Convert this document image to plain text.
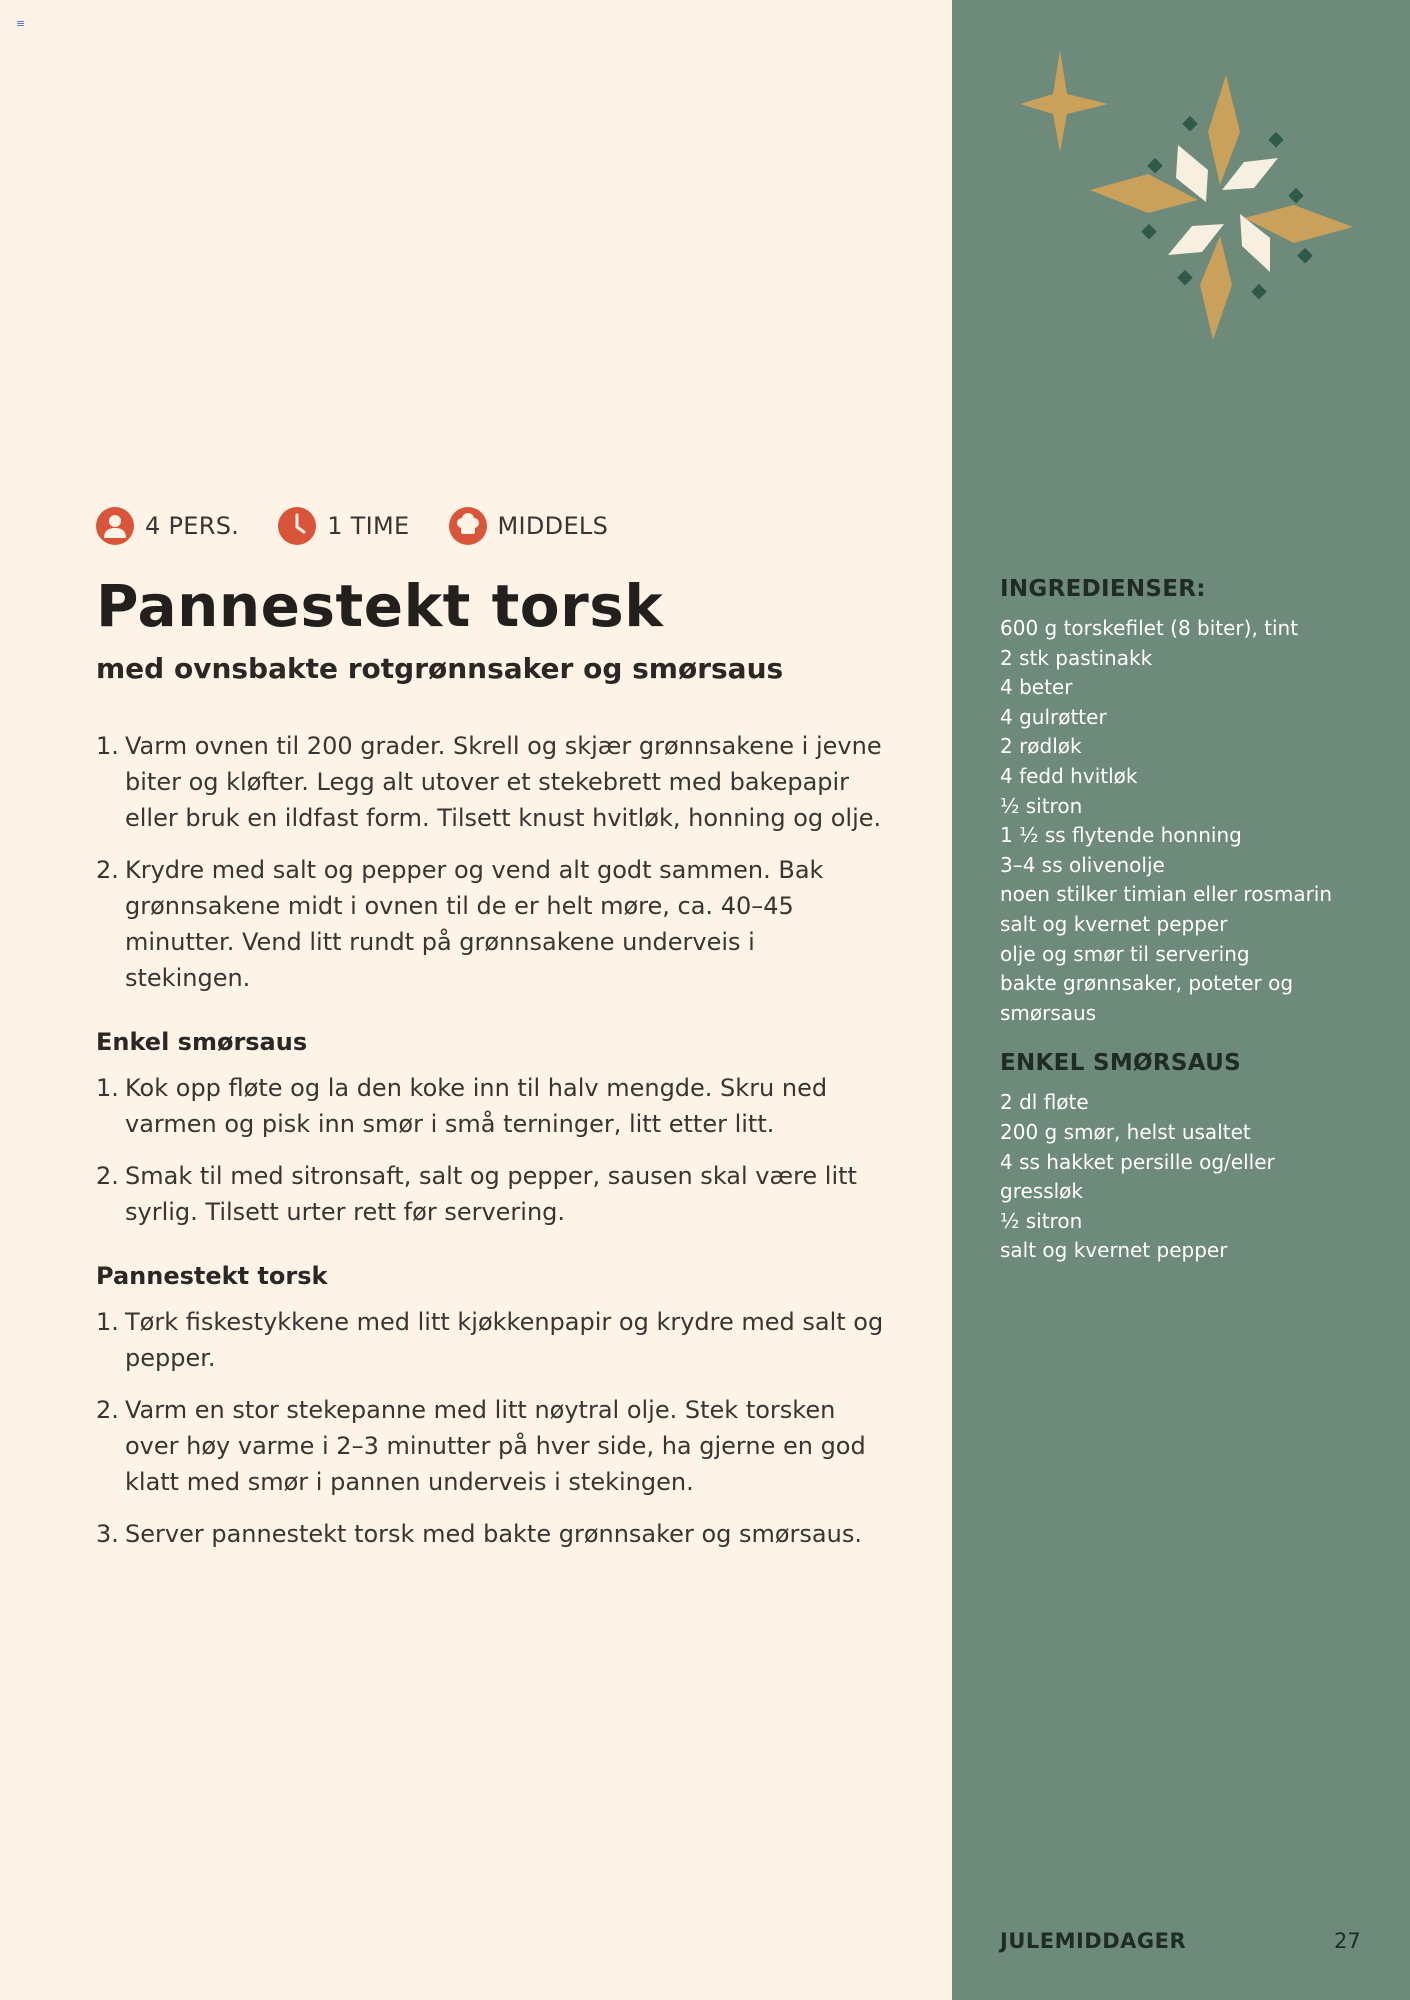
≡
4 PERS.	1 TIME	MIDDELS
Pannestekt torsk
med ovnsbakte rotgrønnsaker og smørsaus
1. Varm ovnen til 200 grader. Skrell og skjær grønnsakene i jevne biter og kløfter. Legg alt utover et stekebrett med bakepapir eller bruk en ildfast form. Tilsett knust hvitløk, honning og olje.
2. Krydre med salt og pepper og vend alt godt sammen. Bak grønnsakene midt i ovnen til de er helt møre, ca. 40–45 minutter. Vend litt rundt på grønnsakene underveis i stekingen.
Enkel smørsaus
1. Kok opp fløte og la den koke inn til halv mengde. Skru ned varmen og pisk inn smør i små terninger, litt etter litt.
2. Smak til med sitronsaft, salt og pepper, sausen skal være litt syrlig. Tilsett urter rett før servering.
Pannestekt torsk
1. Tørk fiskestykkene med litt kjøkkenpapir og krydre med salt og pepper.
2. Varm en stor stekepanne med litt nøytral olje. Stek torsken over høy varme i 2–3 minutter på hver side, ha gjerne en god klatt med smør i pannen underveis i stekingen.
3. Server pannestekt torsk med bakte grønnsaker og smørsaus.
INGREDIENSER:
600 g torskefilet (8 biter), tint
2 stk pastinakk
4 beter
4 gulrøtter
2 rødløk
4 fedd hvitløk
½ sitron
1 ½ ss flytende honning
3–4 ss olivenolje
noen stilker timian eller rosmarin
salt og kvernet pepper
olje og smør til servering
bakte grønnsaker, poteter og
smørsaus
ENKEL SMØRSAUS
2 dl fløte
200 g smør, helst usaltet
4 ss hakket persille og/eller
gressløk
½ sitron
salt og kvernet pepper
JULEMIDDAGER	27
